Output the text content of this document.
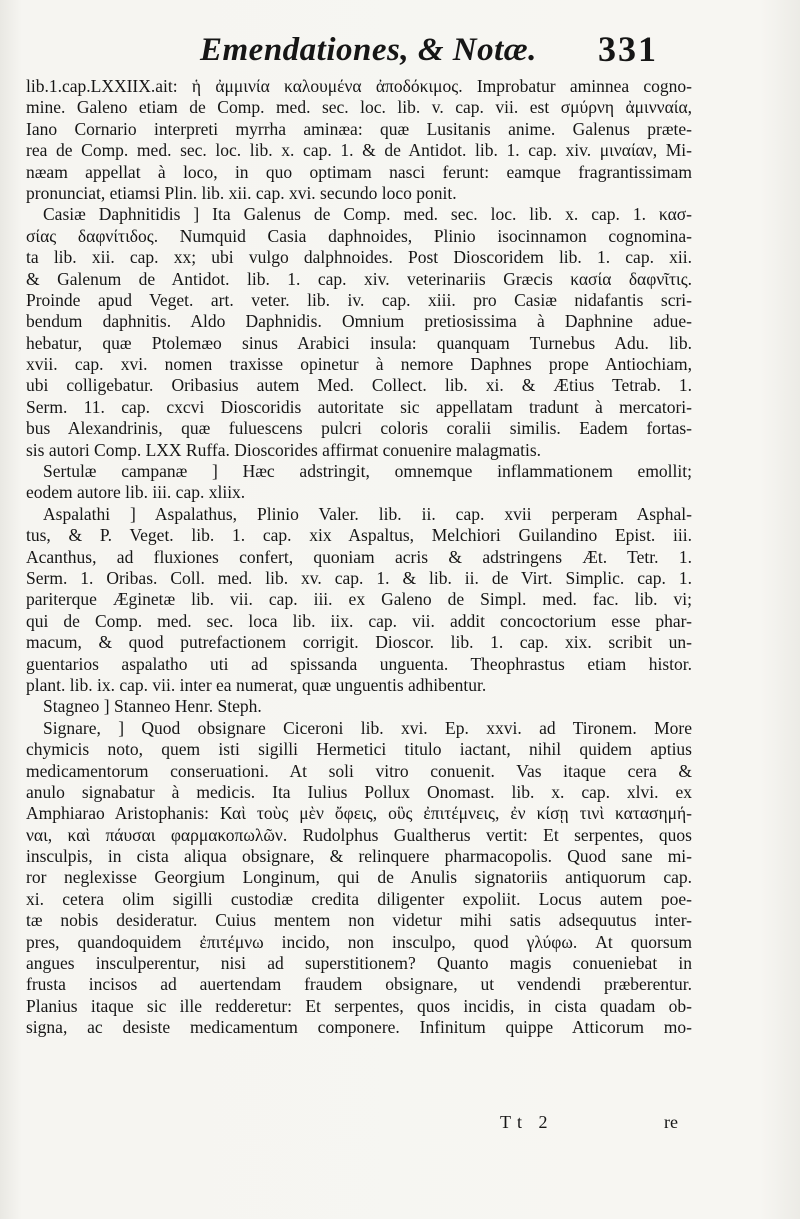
Emendationes, & Notæ. 331
lib.1.cap.LXXIIX.ait: ἡ ἀμμινία καλουμένα ἀποδόκιμος. Improbatur aminnea cogno-
mine. Galeno etiam de Comp. med. sec. loc. lib. v. cap. vii. est σμύρνη ἀμινναία,
Iano Cornario interpreti myrrha aminæa: quæ Lusitanis anime. Galenus præte-
rea de Comp. med. sec. loc. lib. x. cap. 1. & de Antidot. lib. 1. cap. xiv. μιναίαν, Mi-
næam appellat à loco, in quo optimam nasci ferunt: eamque fragrantissimam
pronunciat, etiamsi Plin. lib. xii. cap. xvi. secundo loco ponit.
Casiæ Daphnitidis ] Ita Galenus de Comp. med. sec. loc. lib. x. cap. 1. κασ-
σίας δαφνίτιδος. Numquid Casia daphnoides, Plinio isocinnamon cognomina-
ta lib. xii. cap. xx; ubi vulgo dalphnoides. Post Dioscoridem lib. 1. cap. xii.
& Galenum de Antidot. lib. 1. cap. xiv. veterinariis Græcis κασία δαφνῖτις.
Proinde apud Veget. art. veter. lib. iv. cap. xiii. pro Casiæ nidafantis scri-
bendum daphnitis. Aldo Daphnidis. Omnium pretiosissima à Daphnine adue-
hebatur, quæ Ptolemæo sinus Arabici insula: quanquam Turnebus Adu. lib.
xvii. cap. xvi. nomen traxisse opinetur à nemore Daphnes prope Antiochiam,
ubi colligebatur. Oribasius autem Med. Collect. lib. xi. & Ætius Tetrab. 1.
Serm. 11. cap. cxcvi Dioscoridis autoritate sic appellatam tradunt à mercatori-
bus Alexandrinis, quæ fuluescens pulcri coloris coralii similis. Eadem fortas-
sis autori Comp. LXX Ruffa. Dioscorides affirmat conuenire malagmatis.
Sertulæ campanæ ] Hæc adstringit, omnemque inflammationem emollit;
eodem autore lib. iii. cap. xliix.
Aspalathi ] Aspalathus, Plinio Valer. lib. ii. cap. xvii perperam Asphal-
tus, & P. Veget. lib. 1. cap. xix Aspaltus, Melchiori Guilandino Epist. iii.
Acanthus, ad fluxiones confert, quoniam acris & adstringens Æt. Tetr. 1.
Serm. 1. Oribas. Coll. med. lib. xv. cap. 1. & lib. ii. de Virt. Simplic. cap. 1.
pariterque Æginetæ lib. vii. cap. iii. ex Galeno de Simpl. med. fac. lib. vi;
qui de Comp. med. sec. loca lib. iix. cap. vii. addit concoctorium esse phar-
macum, & quod putrefactionem corrigit. Dioscor. lib. 1. cap. xix. scribit un-
guentarios aspalatho uti ad spissanda unguenta. Theophrastus etiam histor.
plant. lib. ix. cap. vii. inter ea numerat, quæ unguentis adhibentur.
Stagneo ] Stanneo Henr. Steph.
Signare, ] Quod obsignare Ciceroni lib. xvi. Ep. xxvi. ad Tironem. More
chymicis noto, quem isti sigilli Hermetici titulo iactant, nihil quidem aptius
medicamentorum conseruationi. At soli vitro conuenit. Vas itaque cera &
anulo signabatur à medicis. Ita Iulius Pollux Onomast. lib. x. cap. xlvi. ex
Amphiarao Aristophanis: Καὶ τοὺς μὲν ὄφεις, οὓς ἐπιτέμνεις, ἐν κίσῃ τινὶ κατασημή-
ναι, καὶ πάυσαι φαρμακοπωλῶν. Rudolphus Gualtherus vertit: Et serpentes, quos
insculpis, in cista aliqua obsignare, & relinquere pharmacopolis. Quod sane mi-
ror neglexisse Georgium Longinum, qui de Anulis signatoriis antiquorum cap.
xi. cetera olim sigilli custodiæ credita diligenter expoliit. Locus autem poe-
tæ nobis desideratur. Cuius mentem non videtur mihi satis adsequutus inter-
pres, quandoquidem ἐπιτέμνω incido, non insculpo, quod γλύφω. At quorsum
angues insculperentur, nisi ad superstitionem? Quanto magis conueniebat in
frusta incisos ad auertendam fraudem obsignare, ut vendendi præberentur.
Planius itaque sic ille redderetur: Et serpentes, quos incidis, in cista quadam ob-
signa, ac desiste medicamentum componere. Infinitum quippe Atticorum mo-
Tt 2	re
